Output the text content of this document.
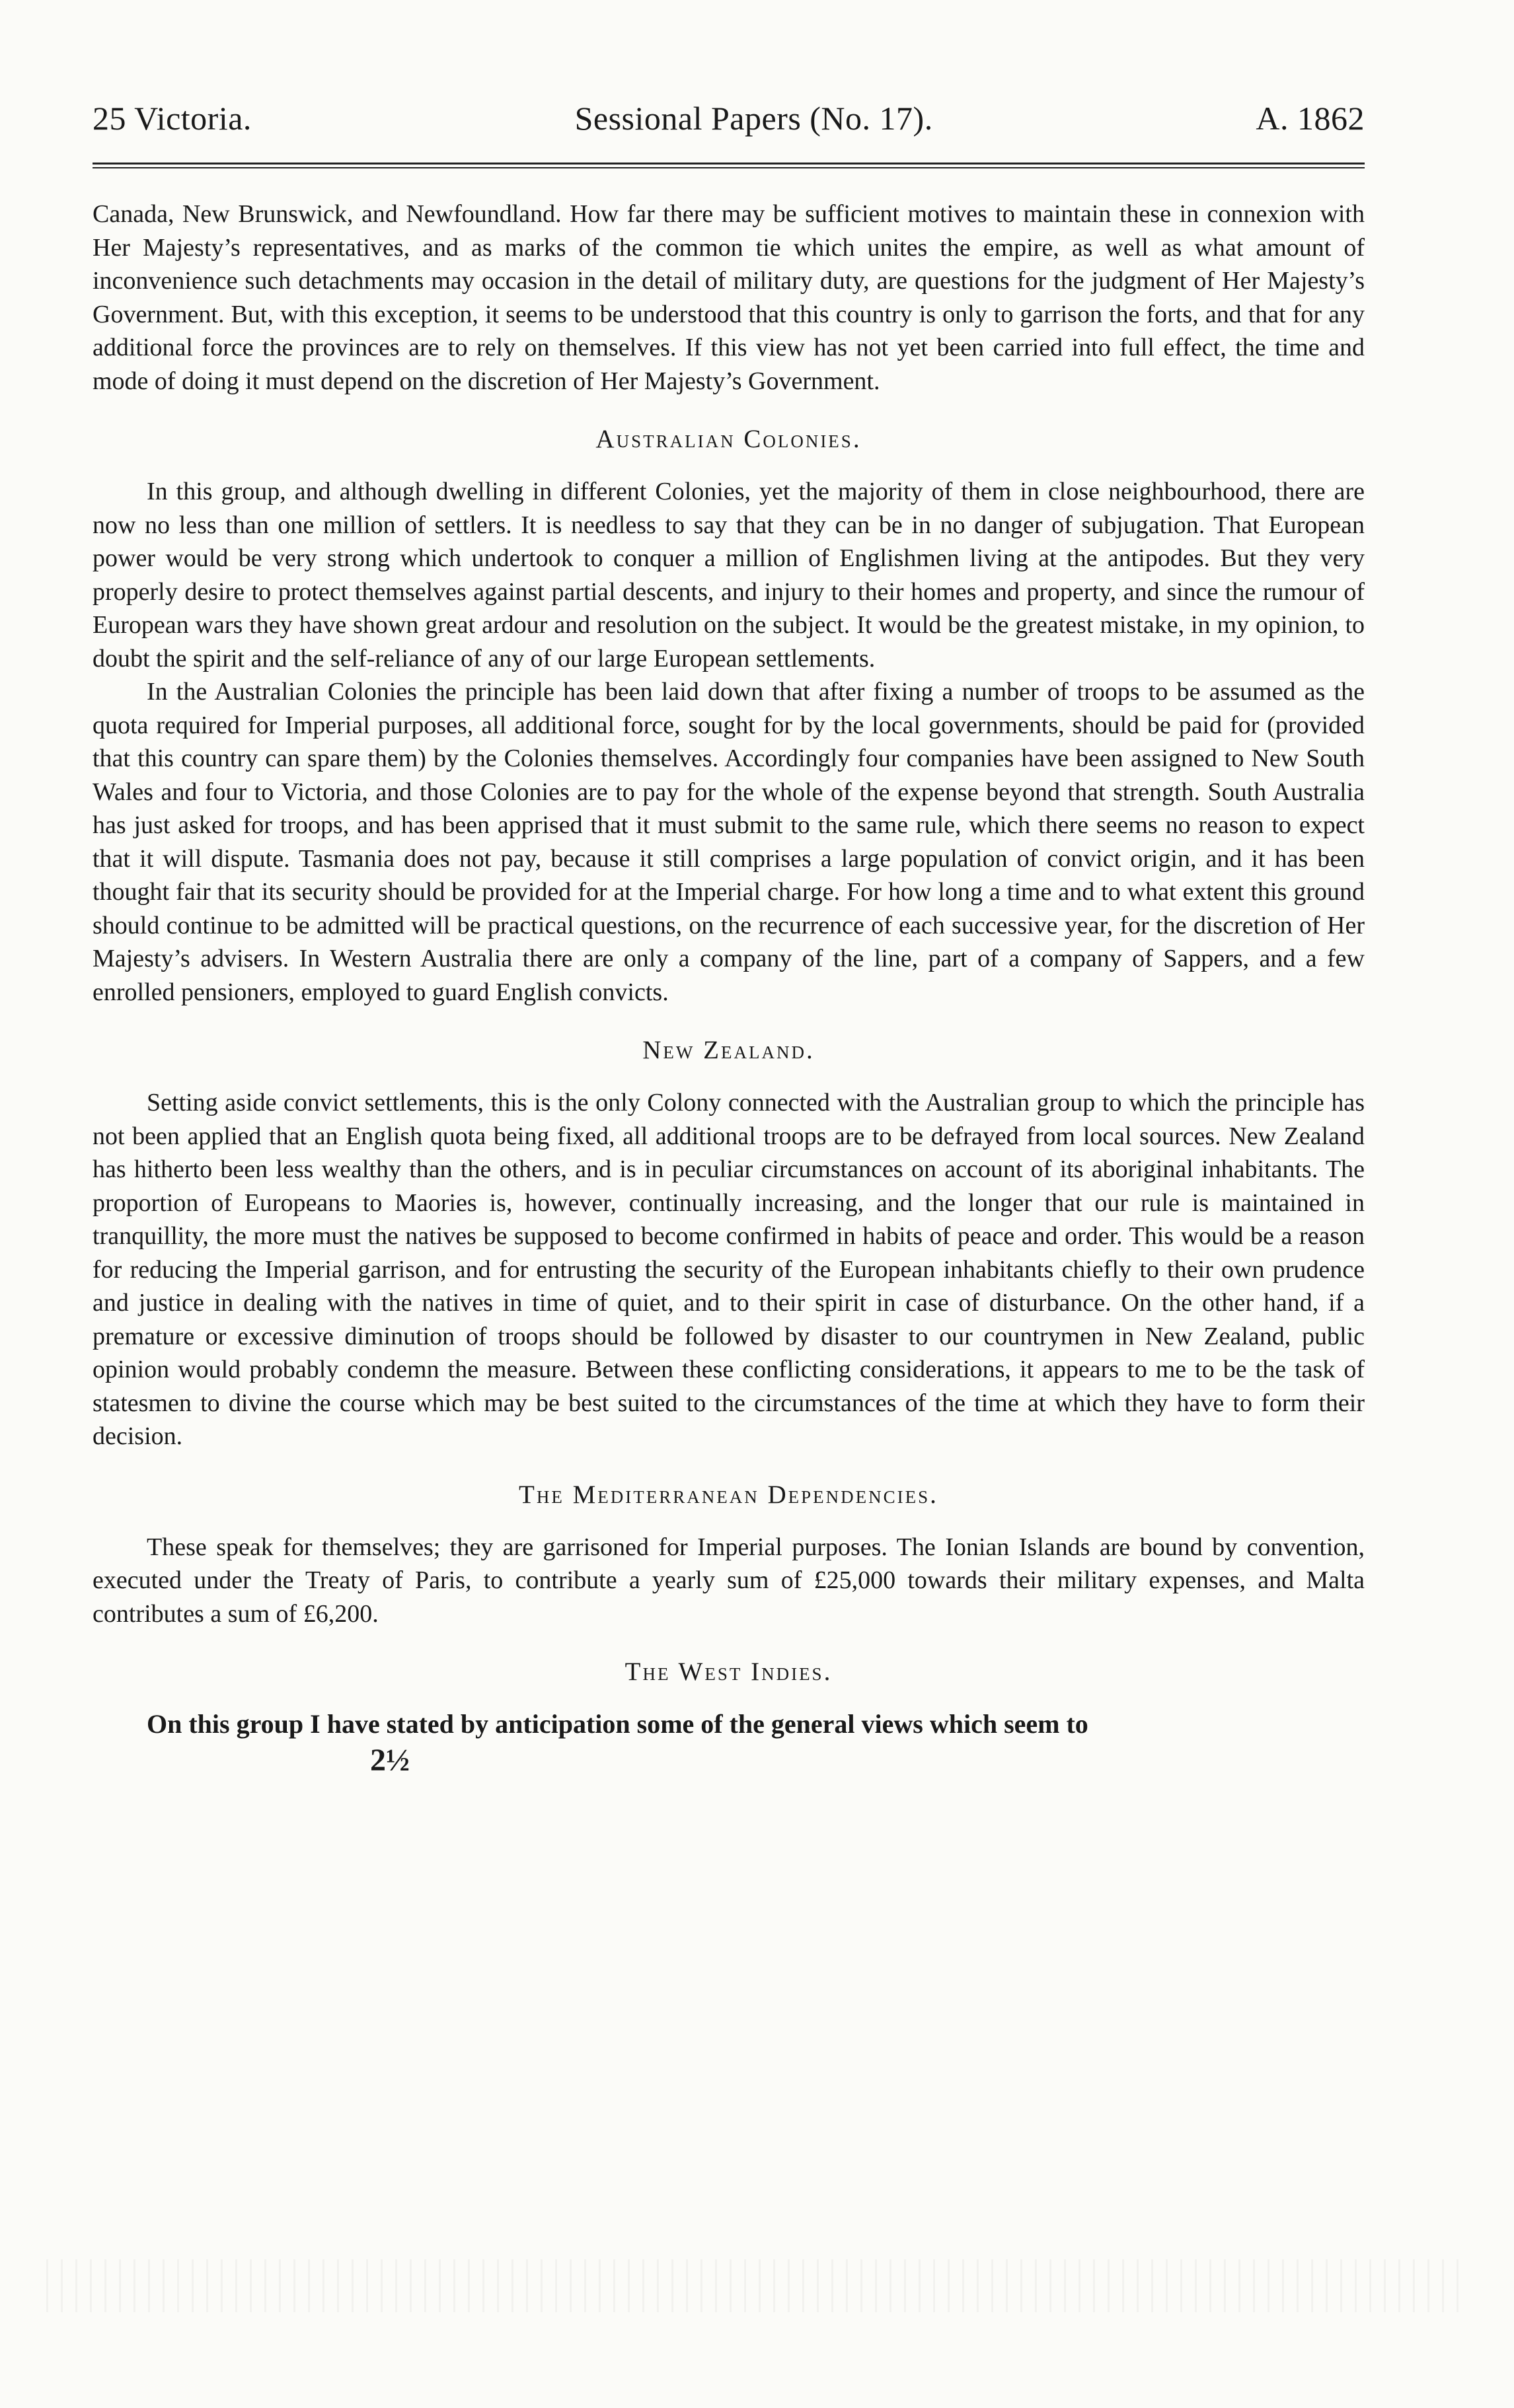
25 Victoria.	Sessional Papers (No. 17).	A. 1862

Canada, New Brunswick, and Newfoundland. How far there may be sufficient motives to maintain these in connexion with Her Majesty’s representatives, and as marks of the common tie which unites the empire, as well as what amount of inconvenience such detachments may occasion in the detail of military duty, are questions for the judgment of Her Majesty’s Government. But, with this exception, it seems to be understood that this country is only to garrison the forts, and that for any additional force the provinces are to rely on themselves. If this view has not yet been carried into full effect, the time and mode of doing it must depend on the discretion of Her Majesty’s Government.

Australian Colonies.

In this group, and although dwelling in different Colonies, yet the majority of them in close neighbourhood, there are now no less than one million of settlers. It is needless to say that they can be in no danger of subjugation. That European power would be very strong which undertook to conquer a million of Englishmen living at the antipodes. But they very properly desire to protect themselves against partial descents, and injury to their homes and property, and since the rumour of European wars they have shown great ardour and resolution on the subject. It would be the greatest mistake, in my opinion, to doubt the spirit and the self-reliance of any of our large European settlements.

In the Australian Colonies the principle has been laid down that after fixing a number of troops to be assumed as the quota required for Imperial purposes, all additional force, sought for by the local governments, should be paid for (provided that this country can spare them) by the Colonies themselves. Accordingly four companies have been assigned to New South Wales and four to Victoria, and those Colonies are to pay for the whole of the expense beyond that strength. South Australia has just asked for troops, and has been apprised that it must submit to the same rule, which there seems no reason to expect that it will dispute. Tasmania does not pay, because it still comprises a large population of convict origin, and it has been thought fair that its security should be provided for at the Imperial charge. For how long a time and to what extent this ground should continue to be admitted will be practical questions, on the recurrence of each successive year, for the discretion of Her Majesty’s advisers. In Western Australia there are only a company of the line, part of a company of Sappers, and a few enrolled pensioners, employed to guard English convicts.

New Zealand.

Setting aside convict settlements, this is the only Colony connected with the Australian group to which the principle has not been applied that an English quota being fixed, all additional troops are to be defrayed from local sources. New Zealand has hitherto been less wealthy than the others, and is in peculiar circumstances on account of its aboriginal inhabitants. The proportion of Europeans to Maories is, however, continually increasing, and the longer that our rule is maintained in tranquillity, the more must the natives be supposed to become confirmed in habits of peace and order. This would be a reason for reducing the Imperial garrison, and for entrusting the security of the European inhabitants chiefly to their own prudence and justice in dealing with the natives in time of quiet, and to their spirit in case of disturbance. On the other hand, if a premature or excessive diminution of troops should be followed by disaster to our countrymen in New Zealand, public opinion would probably condemn the measure. Between these conflicting considerations, it appears to me to be the task of statesmen to divine the course which may be best suited to the circumstances of the time at which they have to form their decision.

The Mediterranean Dependencies.

These speak for themselves; they are garrisoned for Imperial purposes. The Ionian Islands are bound by convention, executed under the Treaty of Paris, to contribute a yearly sum of £25,000 towards their military expenses, and Malta contributes a sum of £6,200.

The West Indies.

On this group I have stated by anticipation some of the general views which seem to

2½
